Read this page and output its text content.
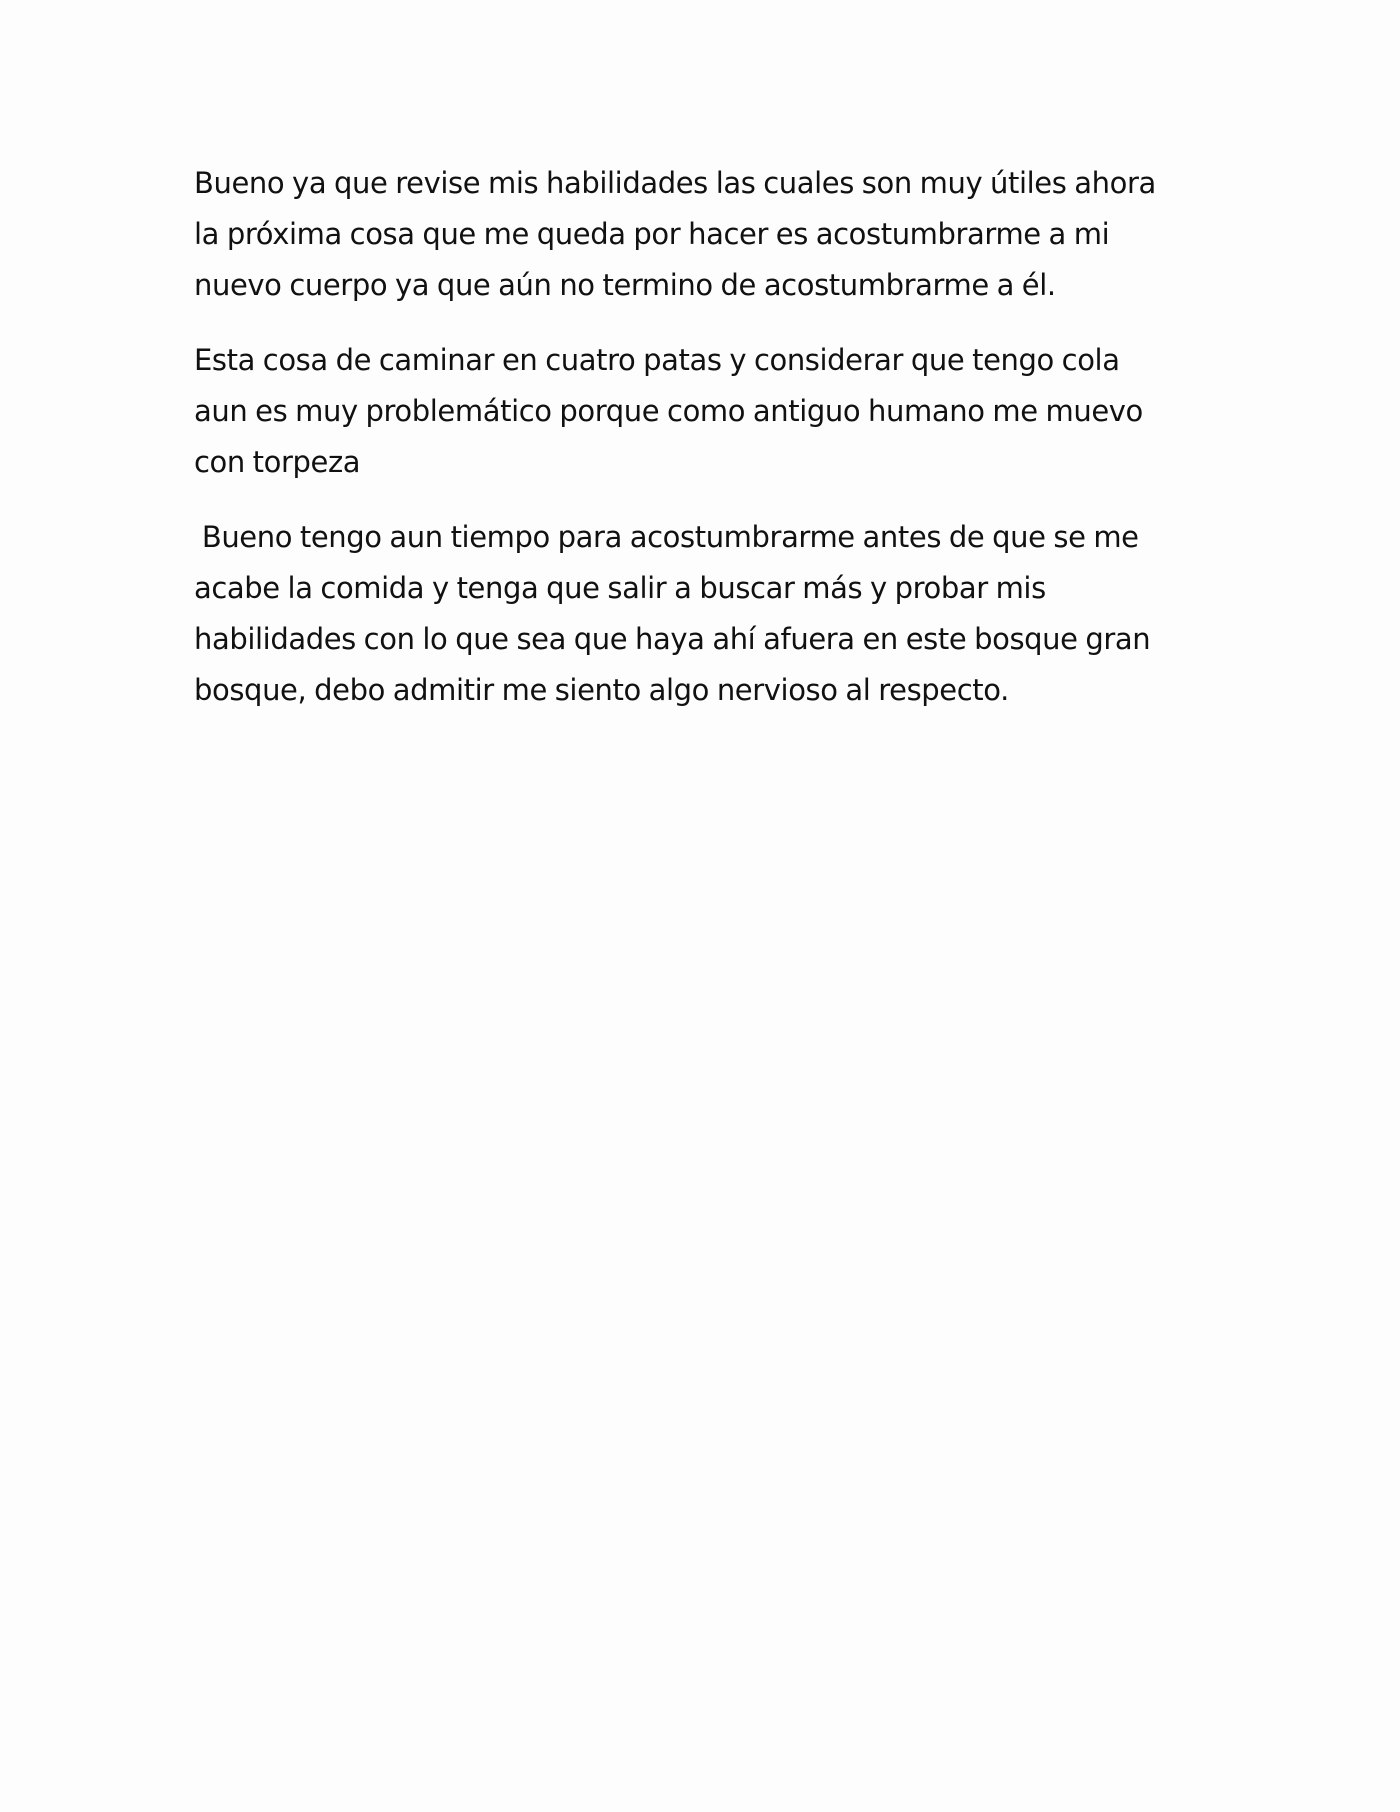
Bueno ya que revise mis habilidades las cuales son muy útiles ahora
la próxima cosa que me queda por hacer es acostumbrarme a mi
nuevo cuerpo ya que aún no termino de acostumbrarme a él.

Esta cosa de caminar en cuatro patas y considerar que tengo cola
aun es muy problemático porque como antiguo humano me muevo
con torpeza

Bueno tengo aun tiempo para acostumbrarme antes de que se me
acabe la comida y tenga que salir a buscar más y probar mis
habilidades con lo que sea que haya ahí afuera en este bosque gran
bosque, debo admitir me siento algo nervioso al respecto.
